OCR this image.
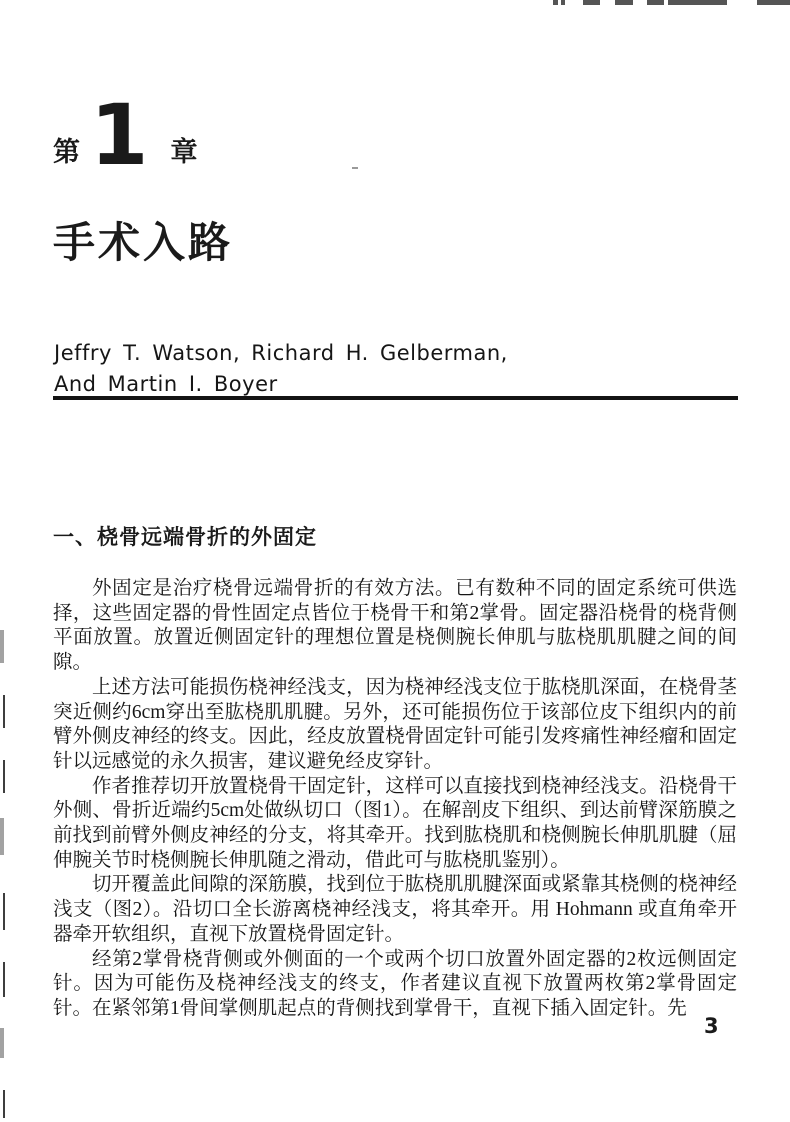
第 1 章
手术入路
Jeffry T. Watson, Richard H. Gelberman,
And Martin I. Boyer
一、桡骨远端骨折的外固定

外固定是治疗桡骨远端骨折的有效方法。已有数种不同的固定系统可供选择，这些固定器的骨性固定点皆位于桡骨干和第2掌骨。固定器沿桡骨的桡背侧平面放置。放置近侧固定针的理想位置是桡侧腕长伸肌与肱桡肌肌腱之间的间隙。

上述方法可能损伤桡神经浅支，因为桡神经浅支位于肱桡肌深面，在桡骨茎突近侧约6cm穿出至肱桡肌肌腱。另外，还可能损伤位于该部位皮下组织内的前臂外侧皮神经的终支。因此，经皮放置桡骨固定针可能引发疼痛性神经瘤和固定针以远感觉的永久损害，建议避免经皮穿针。

作者推荐切开放置桡骨干固定针，这样可以直接找到桡神经浅支。沿桡骨干外侧、骨折近端约5cm处做纵切口（图1）。在解剖皮下组织、到达前臂深筋膜之前找到前臂外侧皮神经的分支，将其牵开。找到肱桡肌和桡侧腕长伸肌肌腱（屈伸腕关节时桡侧腕长伸肌随之滑动，借此可与肱桡肌鉴别）。

切开覆盖此间隙的深筋膜，找到位于肱桡肌肌腱深面或紧靠其桡侧的桡神经浅支（图2）。沿切口全长游离桡神经浅支，将其牵开。用 Hohmann 或直角牵开器牵开软组织，直视下放置桡骨固定针。

经第2掌骨桡背侧或外侧面的一个或两个切口放置外固定器的2枚远侧固定针。因为可能伤及桡神经浅支的终支，作者建议直视下放置两枚第2掌骨固定针。在紧邻第1骨间掌侧肌起点的背侧找到掌骨干，直视下插入固定针。先

3
